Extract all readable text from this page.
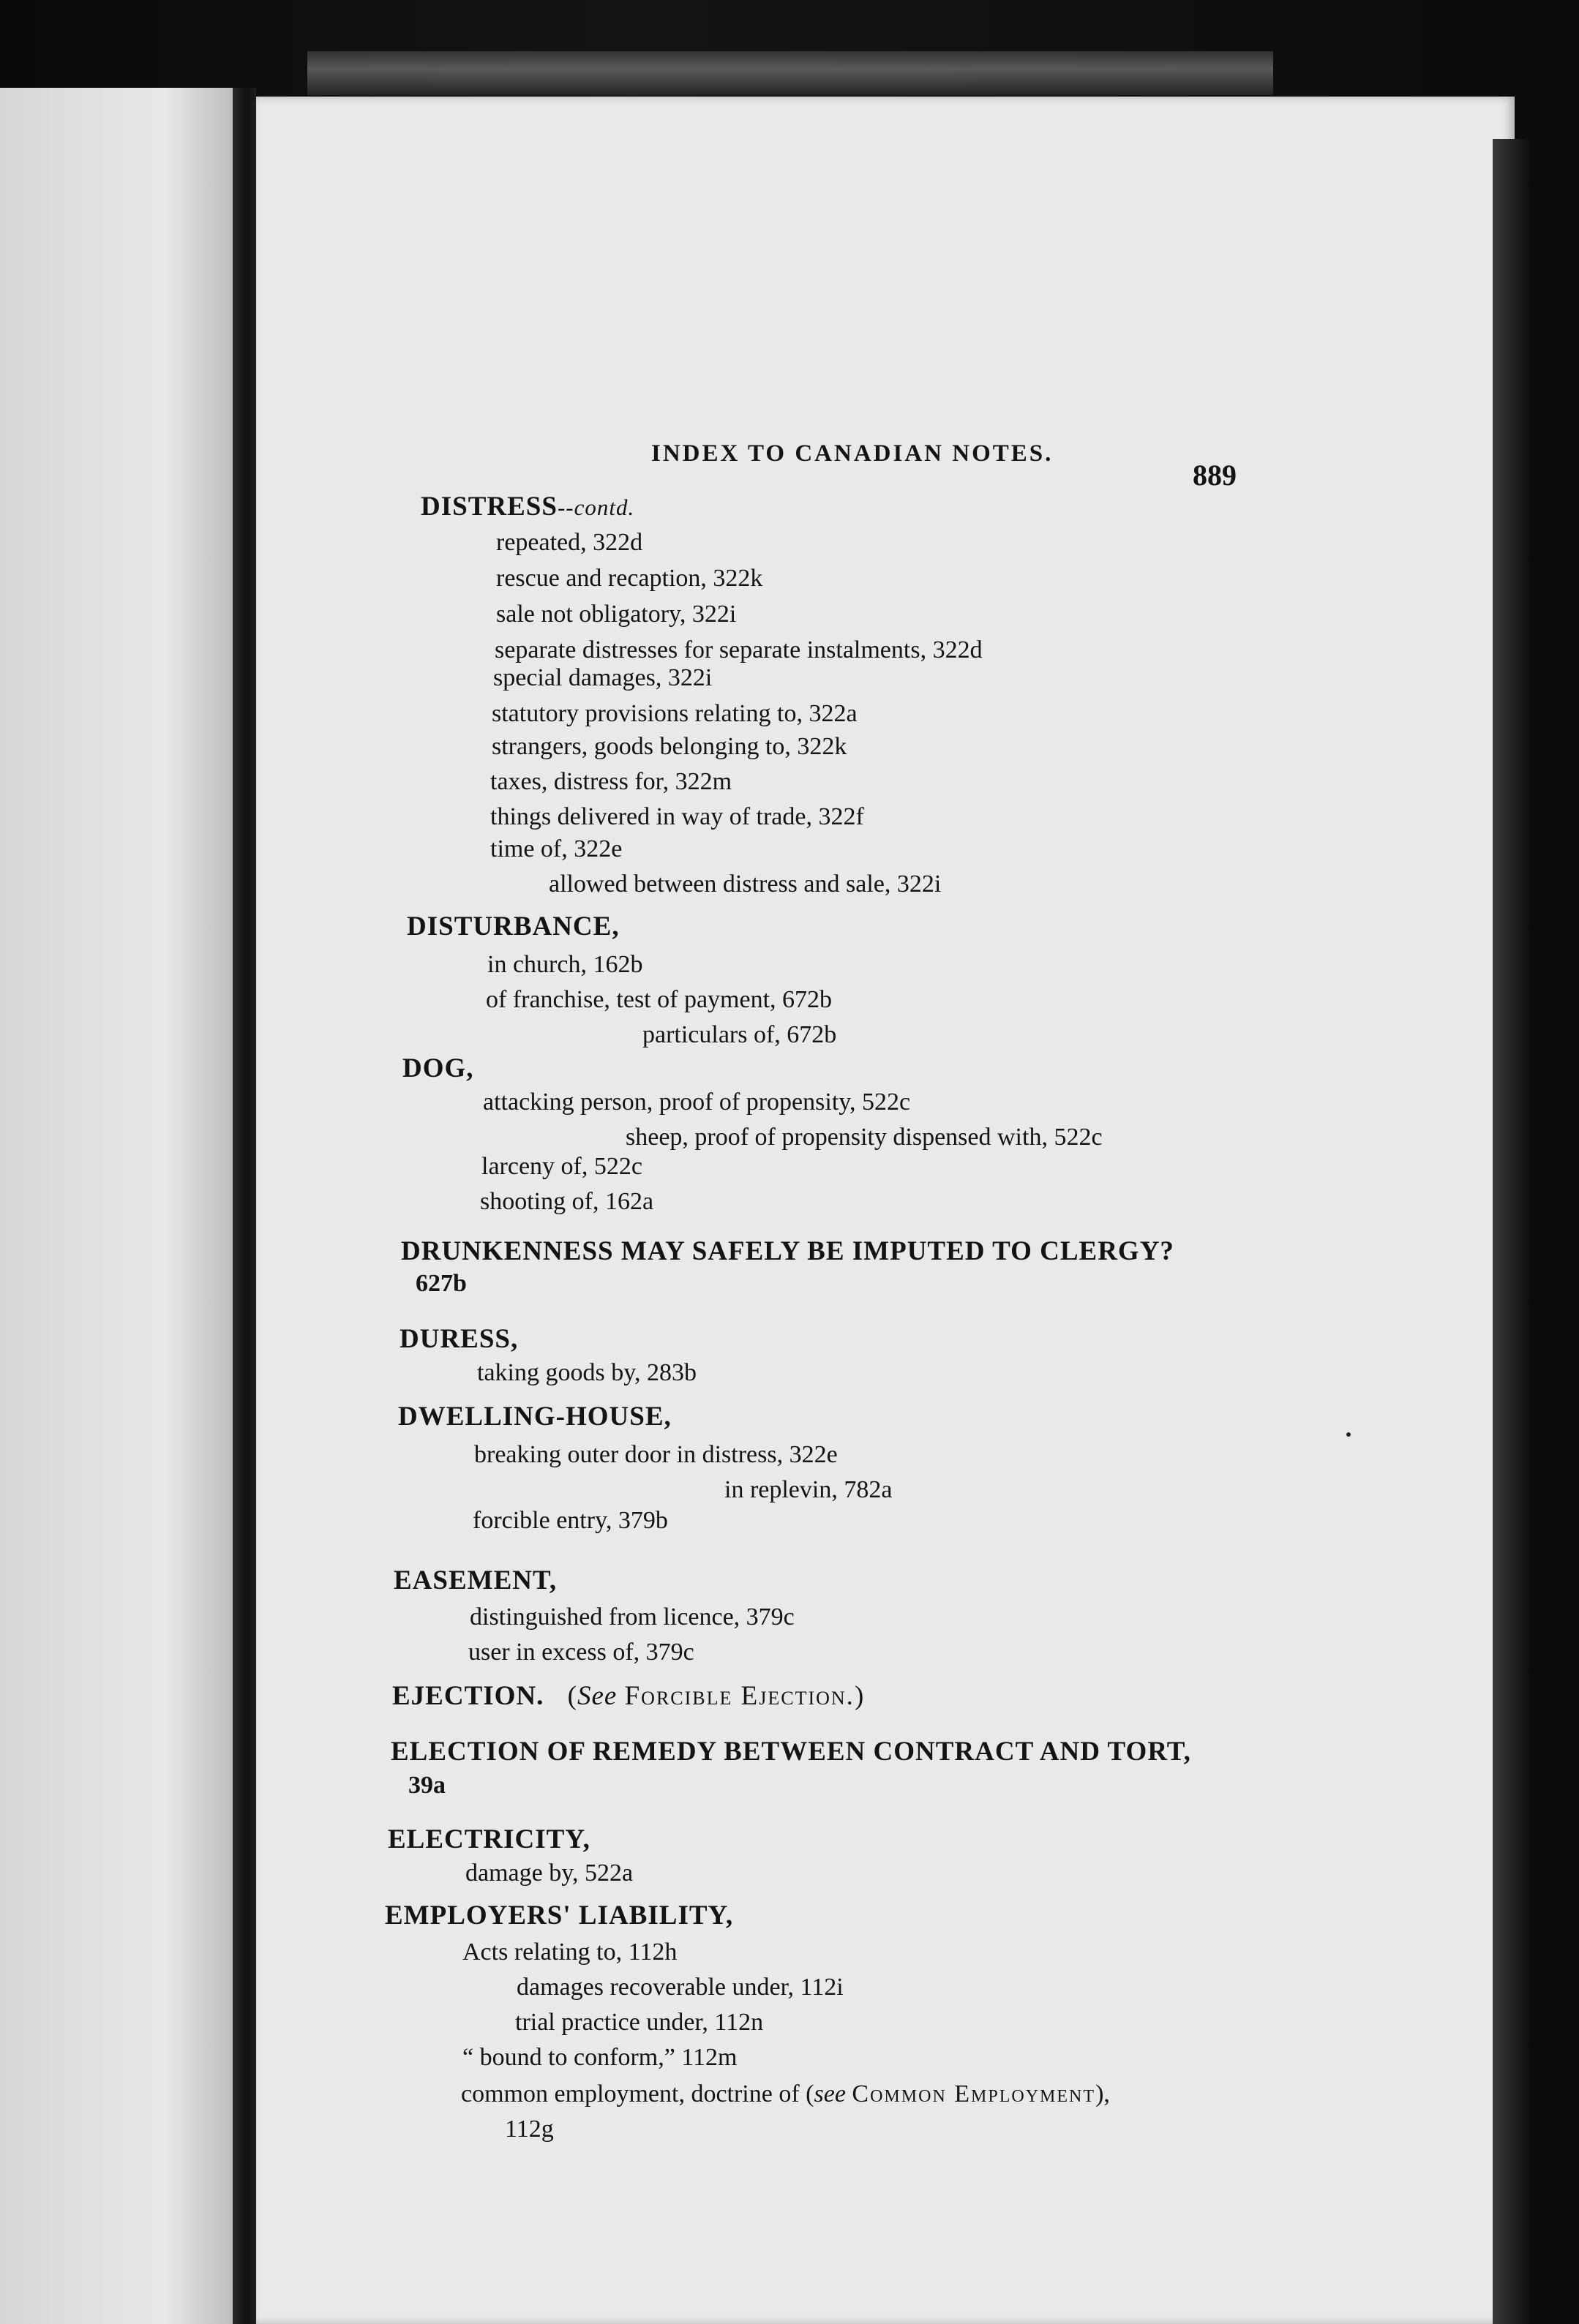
INDEX TO CANADIAN NOTES.
889
DISTRESS--contd.
repeated, 322d
rescue and recaption, 322k
sale not obligatory, 322i
separate distresses for separate instalments, 322d
special damages, 322i
statutory provisions relating to, 322a
strangers, goods belonging to, 322k
taxes, distress for, 322m
things delivered in way of trade, 322f
time of, 322e
allowed between distress and sale, 322i
DISTURBANCE,
in church, 162b
of franchise, test of payment, 672b
particulars of, 672b
DOG,
attacking person, proof of propensity, 522c
sheep, proof of propensity dispensed with, 522c
larceny of, 522c
shooting of, 162a
DRUNKENNESS MAY SAFELY BE IMPUTED TO CLERGY?
627b
DURESS,
taking goods by, 283b
DWELLING-HOUSE,
breaking outer door in distress, 322e
in replevin, 782a
forcible entry, 379b
EASEMENT,
distinguished from licence, 379c
user in excess of, 379c
EJECTION. (See Forcible Ejection.)
ELECTION OF REMEDY BETWEEN CONTRACT AND TORT,
39a
ELECTRICITY,
damage by, 522a
EMPLOYERS' LIABILITY,
Acts relating to, 112h
damages recoverable under, 112i
trial practice under, 112n
“ bound to conform,” 112m
common employment, doctrine of (see Common Employment),
112g
